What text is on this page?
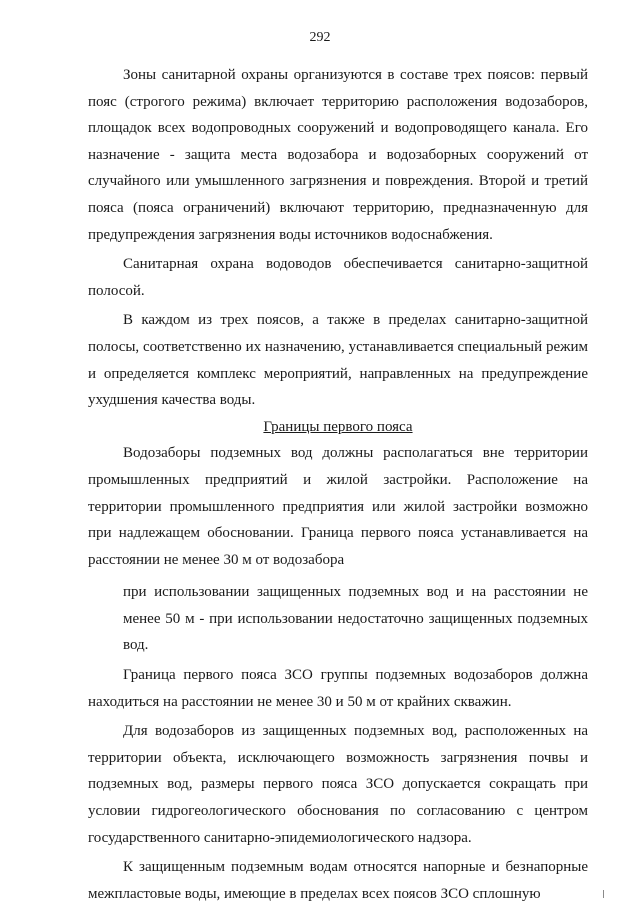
292

Зоны санитарной охраны организуются в составе трех поясов: первый пояс (строгого режима) включает территорию расположения водозаборов, площадок всех водопроводных сооружений и водопроводящего канала. Его назначение - защита места водозабора и водозаборных сооружений от случайного или умышленного загрязнения и повреждения. Второй и третий пояса (пояса ограничений) включают территорию, предназначенную для предупреждения загрязнения воды источников водоснабжения.

Санитарная охрана водоводов обеспечивается санитарно-защитной полосой.

В каждом из трех поясов, а также в пределах санитарно-защитной полосы, соответственно их назначению, устанавливается специальный режим и определяется комплекс мероприятий, направленных на предупреждение ухудшения качества воды.

Границы первого пояса

Водозаборы подземных вод должны располагаться вне территории промышленных предприятий и жилой застройки. Расположение на территории промышленного предприятия или жилой застройки возможно при надлежащем обосновании. Граница первого пояса устанавливается на расстоянии не менее 30 м от водозабора

при использовании защищенных подземных вод и на расстоянии не менее 50 м - при использовании недостаточно защищенных подземных вод.

Граница первого пояса ЗСО группы подземных водозаборов должна находиться на расстоянии не менее 30 и 50 м от крайних скважин.

Для водозаборов из защищенных подземных вод, расположенных на территории объекта, исключающего возможность загрязнения почвы и подземных вод, размеры первого пояса ЗСО допускается сокращать при условии гидрогеологического обоснования по согласованию с центром государственного санитарно-эпидемиологического надзора.

К защищенным подземным водам относятся напорные и безнапорные межпластовые воды, имеющие в пределах всех поясов ЗСО сплошную
